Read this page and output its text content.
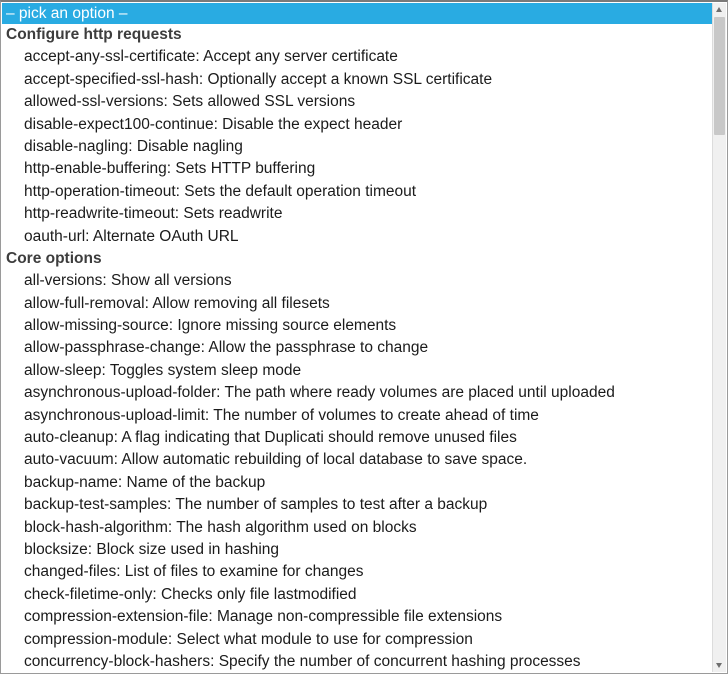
– pick an option –
Configure http requests
accept-any-ssl-certificate: Accept any server certificate
accept-specified-ssl-hash: Optionally accept a known SSL certificate
allowed-ssl-versions: Sets allowed SSL versions
disable-expect100-continue: Disable the expect header
disable-nagling: Disable nagling
http-enable-buffering: Sets HTTP buffering
http-operation-timeout: Sets the default operation timeout
http-readwrite-timeout: Sets readwrite
oauth-url: Alternate OAuth URL
Core options
all-versions: Show all versions
allow-full-removal: Allow removing all filesets
allow-missing-source: Ignore missing source elements
allow-passphrase-change: Allow the passphrase to change
allow-sleep: Toggles system sleep mode
asynchronous-upload-folder: The path where ready volumes are placed until uploaded
asynchronous-upload-limit: The number of volumes to create ahead of time
auto-cleanup: A flag indicating that Duplicati should remove unused files
auto-vacuum: Allow automatic rebuilding of local database to save space.
backup-name: Name of the backup
backup-test-samples: The number of samples to test after a backup
block-hash-algorithm: The hash algorithm used on blocks
blocksize: Block size used in hashing
changed-files: List of files to examine for changes
check-filetime-only: Checks only file lastmodified
compression-extension-file: Manage non-compressible file extensions
compression-module: Select what module to use for compression
concurrency-block-hashers: Specify the number of concurrent hashing processes
